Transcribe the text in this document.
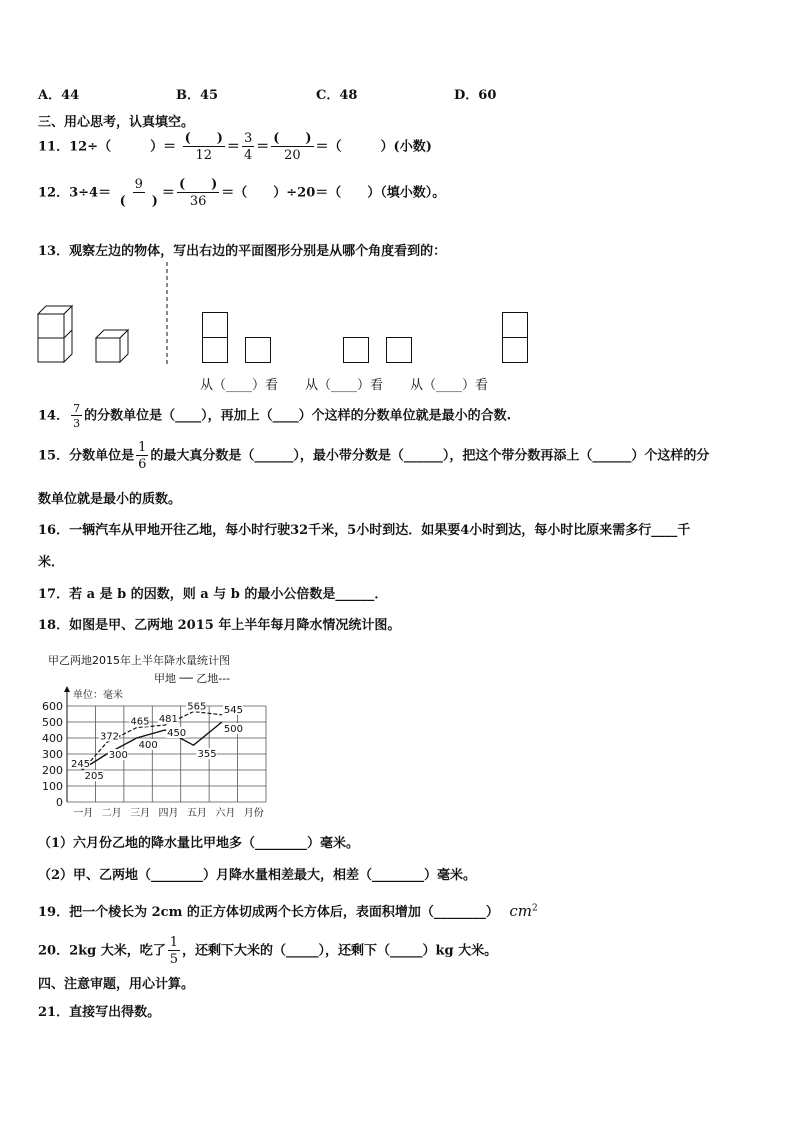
A．44	B．45	C．48	D．60
三、用心思考，认真填空。
11．12÷（　　　）＝ $\frac{( )}{12} = \frac{3}{4} = \frac{( )}{20}$ ＝（　　　）(小数)
12．$3\div 4= \frac{9}{( )} = \frac{( )}{36}$ ＝（　　）÷20＝（　　）（填小数）。
13．观察左边的物体，写出右边的平面图形分别是从哪个角度看到的：
从（____）看 从（____）看 从（____）看
14． $\frac{7}{3}$ 的分数单位是（____），再加上（____）个这样的分数单位就是最小的合数.
15．分数单位是 $\frac{1}{6}$ 的最大真分数是（______），最小带分数是（______），把这个带分数再添上（______）个这样的分
数单位就是最小的质数。
16．一辆汽车从甲地开往乙地，每小时行驶32千米，5小时到达．如果要4小时到达，每小时比原来需多行____千
米．
17．若 a 是 b 的因数，则 a 与 b 的最小公倍数是______．
18．如图是甲、乙两地 2015 年上半年每月降水情况统计图。
甲乙两地2015年上半年降水量统计图
甲地 ── 乙地---
单位：毫米
600
500
400
300
200
100
0
一月 二月 三月 四月 五月 六月 月份
245
205
372
300
465
400
481
450
565
355
545
500
（1）六月份乙地的降水量比甲地多（________）毫米。
（2）甲、乙两地（________）月降水量相差最大，相差（________）毫米。
19．把一个棱长为 2cm 的正方体切成两个长方体后，表面积增加（________） $cm^2$
20．2kg 大米，吃了 $\frac{1}{5}$ ，还剩下大米的（_____），还剩下（_____）kg 大米。
四、注意审题，用心计算。
21．直接写出得数。
